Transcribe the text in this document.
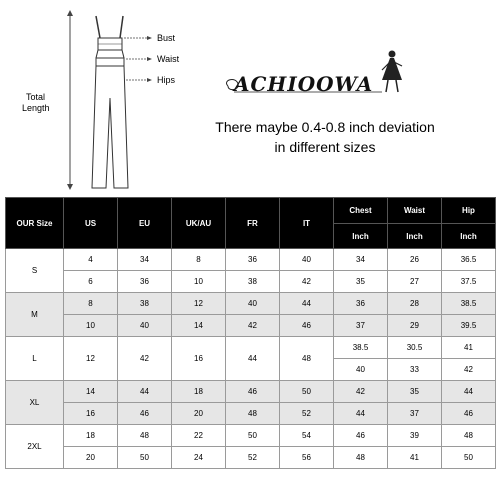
Bust
Waist
Hips
Total
Length
ACHIOOWA
There maybe 0.4-0.8 inch deviation
in different sizes
OUR Size	US	EU	UK/AU	FR	IT	Chest	Waist	Hip
						Inch	Inch	Inch
S	4	34	8	36	40	34	26	36.5
	6	36	10	38	42	35	27	37.5
M	8	38	12	40	44	36	28	38.5
	10	40	14	42	46	37	29	39.5
L	12	42	16	44	48	38.5	30.5	41
						40	33	42
XL	14	44	18	46	50	42	35	44
	16	46	20	48	52	44	37	46
2XL	18	48	22	50	54	46	39	48
	20	50	24	52	56	48	41	50
